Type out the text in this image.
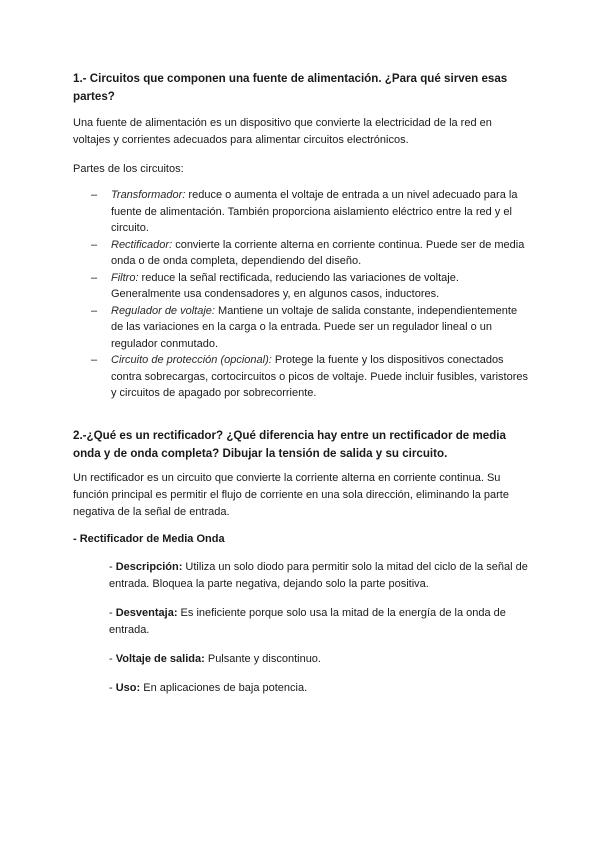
1.- Circuitos que componen una fuente de alimentación. ¿Para qué sirven esas partes?

Una fuente de alimentación es un dispositivo que convierte la electricidad de la red en voltajes y corrientes adecuados para alimentar circuitos electrónicos.

Partes de los circuitos:

– Transformador: reduce o aumenta el voltaje de entrada a un nivel adecuado para la fuente de alimentación. También proporciona aislamiento eléctrico entre la red y el circuito.
– Rectificador: convierte la corriente alterna en corriente continua. Puede ser de media onda o de onda completa, dependiendo del diseño.
– Filtro: reduce la señal rectificada, reduciendo las variaciones de voltaje. Generalmente usa condensadores y, en algunos casos, inductores.
– Regulador de voltaje: Mantiene un voltaje de salida constante, independientemente de las variaciones en la carga o la entrada. Puede ser un regulador lineal o un regulador conmutado.
– Circuito de protección (opcional): Protege la fuente y los dispositivos conectados contra sobrecargas, cortocircuitos o picos de voltaje. Puede incluir fusibles, varistores y circuitos de apagado por sobrecorriente.
2.-¿Qué es un rectificador? ¿Qué diferencia hay entre un rectificador de media onda y de onda completa? Dibujar la tensión de salida y su circuito.

Un rectificador es un circuito que convierte la corriente alterna en corriente continua. Su función principal es permitir el flujo de corriente en una sola dirección, eliminando la parte negativa de la señal de entrada.

- Rectificador de Media Onda

- Descripción: Utiliza un solo diodo para permitir solo la mitad del ciclo de la señal de entrada. Bloquea la parte negativa, dejando solo la parte positiva.

- Desventaja: Es ineficiente porque solo usa la mitad de la energía de la onda de entrada.

- Voltaje de salida: Pulsante y discontinuo.

- Uso: En aplicaciones de baja potencia.
